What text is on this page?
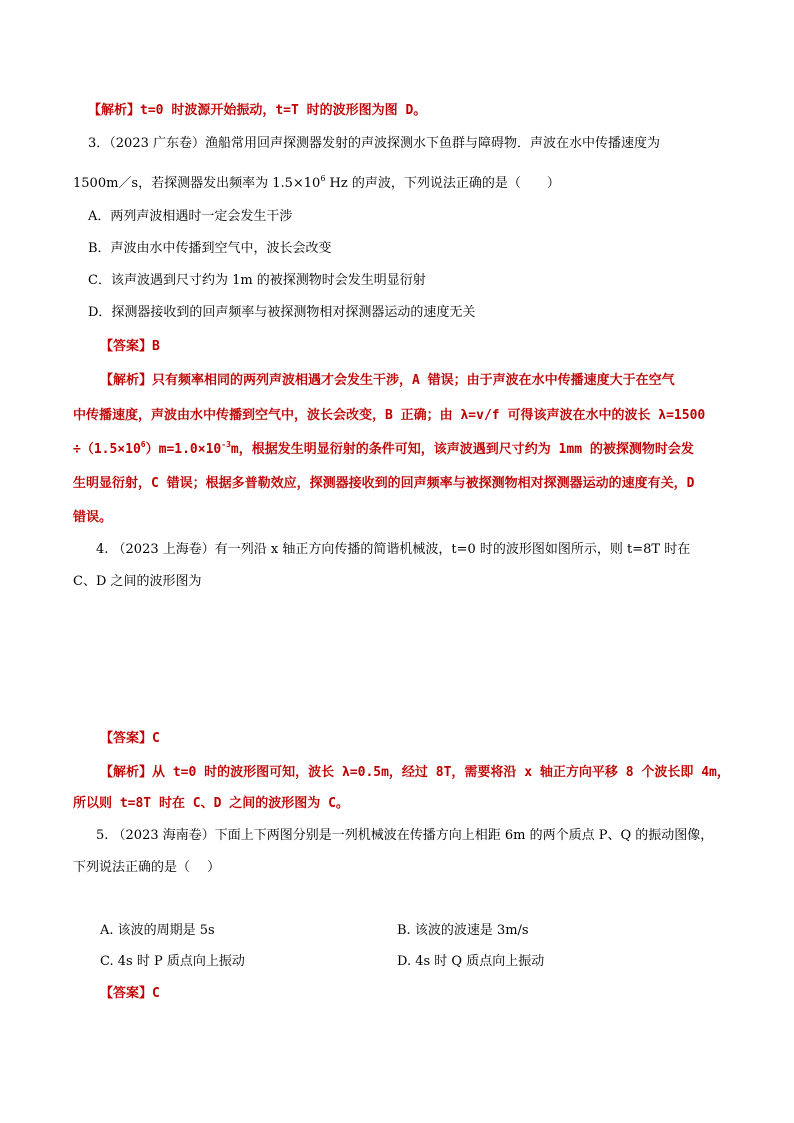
【解析】t=0 时波源开始振动，t=T 时的波形图为图 D。
3．（2023 广东卷）渔船常用回声探测器发射的声波探测水下鱼群与障碍物．声波在水中传播速度为
1500m／s，若探测器发出频率为 $1.5\times 10^6$ Hz 的声波，下列说法正确的是（　　）
A．两列声波相遇时一定会发生干涉
B．声波由水中传播到空气中，波长会改变
C．该声波遇到尺寸约为 1m 的被探测物时会发生明显衍射
D．探测器接收到的回声频率与被探测物相对探测器运动的速度无关
【答案】B
【解析】只有频率相同的两列声波相遇才会发生干涉，A 错误；由于声波在水中传播速度大于在空气
中传播速度，声波由水中传播到空气中，波长会改变，B 正确；由 λ=v/f 可得该声波在水中的波长 λ=1500
$\div(1.5\times 10^6)m=1.0\times 10^{-3}m$，根据发生明显衍射的条件可知，该声波遇到尺寸约为 1mm 的被探测物时会发
生明显衍射，C 错误；根据多普勒效应，探测器接收到的回声频率与被探测物相对探测器运动的速度有关，D
错误。
4. （2023 上海卷）有一列沿 x 轴正方向传播的简谐机械波，t=0 时的波形图如图所示，则 t=8T 时在
C、D 之间的波形图为
【答案】C
【解析】从 t=0 时的波形图可知，波长 λ=0.5m，经过 8T，需要将沿 x 轴正方向平移 8 个波长即 4m，
所以则 t=8T 时在 C、D 之间的波形图为 C。
5. （2023 海南卷）下面上下两图分别是一列机械波在传播方向上相距 6m 的两个质点 P、Q 的振动图像，
下列说法正确的是（　 ）
A. 该波的周期是 5s	B. 该波的波速是 3m/s
C. 4s 时 P 质点向上振动	D. 4s 时 Q 质点向上振动
【答案】C
